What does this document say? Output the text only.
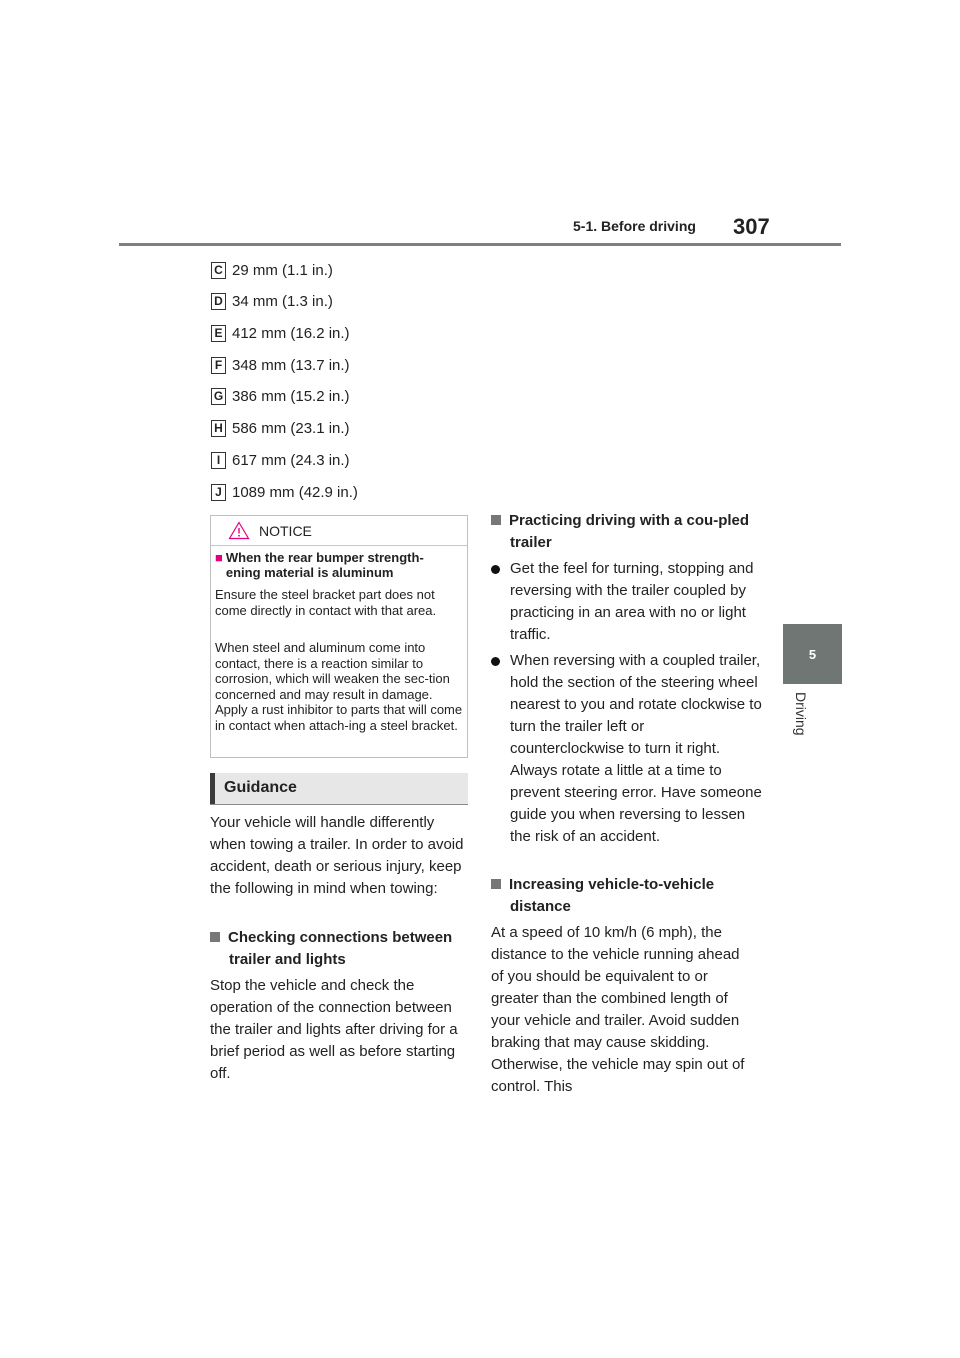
5-1. Before driving 307
5
Driving
C 29 mm (1.1 in.)
D 34 mm (1.3 in.)
E 412 mm (16.2 in.)
F 348 mm (13.7 in.)
G 386 mm (15.2 in.)
H 586 mm (23.1 in.)
I 617 mm (24.3 in.)
J 1089 mm (42.9 in.)
NOTICE
■ When the rear bumper strength-ening material is aluminum
Ensure the steel bracket part does not come directly in contact with that area.
When steel and aluminum come into contact, there is a reaction similar to corrosion, which will weaken the sec-tion concerned and may result in damage. Apply a rust inhibitor to parts that will come in contact when attach-ing a steel bracket.
Guidance
Your vehicle will handle differently when towing a trailer. In order to avoid accident, death or serious injury, keep the following in mind when towing:
Checking connections between trailer and lights
Stop the vehicle and check the operation of the connection between the trailer and lights after driving for a brief period as well as before starting off.
Practicing driving with a cou-pled trailer
Get the feel for turning, stopping and reversing with the trailer coupled by practicing in an area with no or light traffic.
When reversing with a coupled trailer, hold the section of the steering wheel nearest to you and rotate clockwise to turn the trailer left or counterclockwise to turn it right. Always rotate a little at a time to prevent steering error. Have someone guide you when reversing to lessen the risk of an accident.
Increasing vehicle-to-vehicle distance
At a speed of 10 km/h (6 mph), the distance to the vehicle running ahead of you should be equivalent to or greater than the combined length of your vehicle and trailer. Avoid sudden braking that may cause skidding. Otherwise, the vehicle may spin out of control. This
